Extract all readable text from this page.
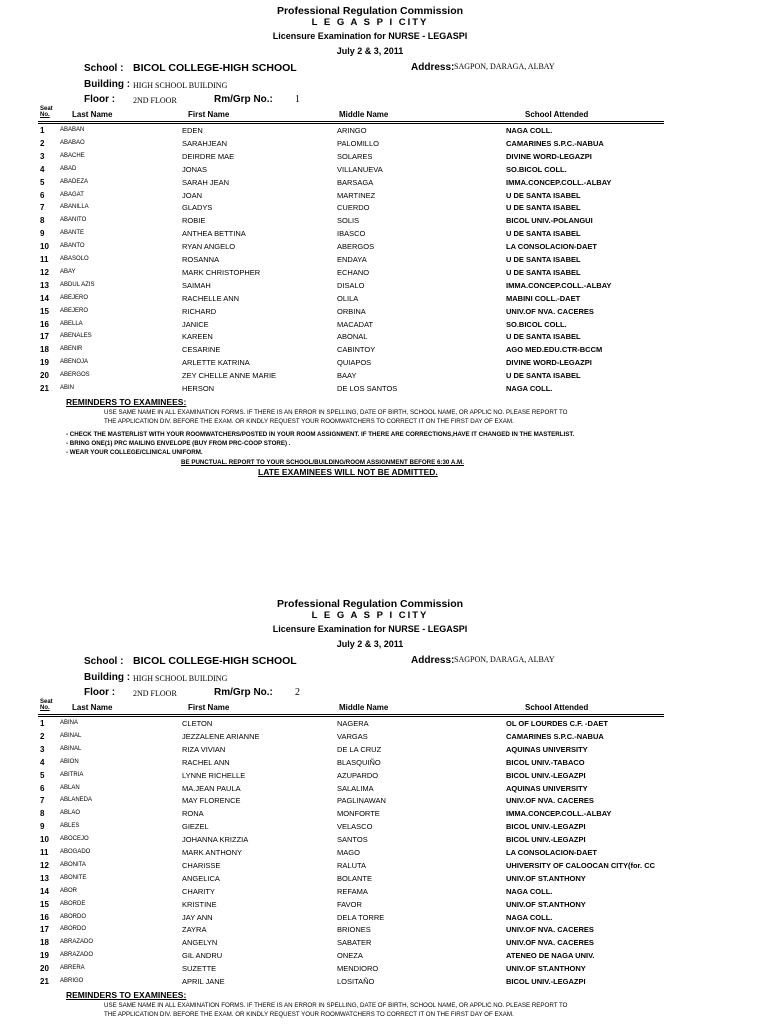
Professional Regulation Commission
L E G A S P I CITY
Licensure Examination for NURSE - LEGASPI
July 2 & 3, 2011
School : BICOL COLLEGE-HIGH SCHOOL	Address: SAGPON, DARAGA, ALBAY
Building : HIGH SCHOOL BUILDING
Floor : 2ND FLOOR	Rm/Grp No.: 1
Seat
No.	Last Name	First Name	Middle Name	School Attended
REMINDERS TO EXAMINEES:
USE SAME NAME IN ALL EXAMINATION FORMS. IF THERE IS AN ERROR IN SPELLING, DATE OF BIRTH, SCHOOL NAME, OR APPLIC NO. PLEASE REPORT TO
THE APPLICATION DIV. BEFORE THE EXAM. OR KINDLY REQUEST YOUR ROOMWATCHERS TO CORRECT IT ON THE FIRST DAY OF EXAM.
- CHECK THE MASTERLIST WITH YOUR ROOMWATCHERS/POSTED IN YOUR ROOM ASSIGNMENT. IF THERE ARE CORRECTIONS,HAVE IT CHANGED IN THE MASTERLIST.
- BRING ONE(1) PRC MAILING ENVELOPE (BUY FROM PRC-COOP STORE) .
- WEAR YOUR COLLEGE/CLINICAL UNIFORM.
BE PUNCTUAL. REPORT TO YOUR SCHOOL/BUILDING/ROOM ASSIGNMENT BEFORE 6:30 A.M.
LATE EXAMINEES WILL NOT BE ADMITTED.
1	ABABAN	EDEN	ARINGO	NAGA COLL.
2	ABABAO	SARAHJEAN	PALOMILLO	CAMARINES S.P.C.-NABUA
3	ABACHE	DEIRDRE MAE	SOLARES	DIVINE WORD-LEGAZPI
4	ABAD	JONAS	VILLANUEVA	SO.BICOL COLL.
5	ABADEZA	SARAH JEAN	BARSAGA	IMMA.CONCEP.COLL.-ALBAY
6	ABAGAT	JOAN	MARTINEZ	U DE SANTA ISABEL
7	ABANILLA	GLADYS	CUERDO	U DE SANTA ISABEL
8	ABANITO	ROBIE	SOLIS	BICOL UNIV.-POLANGUI
9	ABANTE	ANTHEA BETTINA	IBASCO	U DE SANTA ISABEL
10 ABANTO	RYAN ANGELO	ABERGOS	LA CONSOLACION-DAET
11 ABASOLO	ROSANNA	ENDAYA	U DE SANTA ISABEL
12 ABAY	MARK CHRISTOPHER	ECHANO	U DE SANTA ISABEL
13 ABDUL AZIS	SAIMAH	DISALO	IMMA.CONCEP.COLL.-ALBAY
14 ABEJERO	RACHELLE ANN	OLILA	MABINI COLL.-DAET
15 ABEJERO	RICHARD	ORBINA	UNIV.OF NVA. CACERES
16 ABELLA	JANICE	MACADAT	SO.BICOL COLL.
17 ABENALES	KAREEN	ABONAL	U DE SANTA ISABEL
18 ABENIR	CESARINE	CABINTOY	AGO MED.EDU.CTR-BCCM
19 ABENOJA	ARLETTE KATRINA	QUIAPOS	DIVINE WORD-LEGAZPI
20 ABERGOS	ZEY CHELLE ANNE MARIE	BAAY	U DE SANTA ISABEL
21 ABIN	HERSON	DE LOS SANTOS	NAGA COLL.
Professional Regulation Commission
L E G A S P I CITY
Licensure Examination for NURSE - LEGASPI
July 2 & 3, 2011
School : BICOL COLLEGE-HIGH SCHOOL	Address: SAGPON, DARAGA, ALBAY
Building : HIGH SCHOOL BUILDING
Floor : 2ND FLOOR	Rm/Grp No.: 2
Seat
No.	Last Name	First Name	Middle Name	School Attended
REMINDERS TO EXAMINEES:
USE SAME NAME IN ALL EXAMINATION FORMS. IF THERE IS AN ERROR IN SPELLING, DATE OF BIRTH, SCHOOL NAME, OR APPLIC NO. PLEASE REPORT TO
THE APPLICATION DIV. BEFORE THE EXAM. OR KINDLY REQUEST YOUR ROOMWATCHERS TO CORRECT IT ON THE FIRST DAY OF EXAM.
1	ABINA	CLETON	NAGERA	OL OF LOURDES C.F. -DAET
2	ABINAL	JEZZALENE ARIANNE	VARGAS	CAMARINES S.P.C.-NABUA
3	ABINAL	RIZA VIVIAN	DE LA CRUZ	AQUINAS UNIVERSITY
4	ABION	RACHEL ANN	BLASQUIÑO	BICOL UNIV.-TABACO
5	ABITRIA	LYNNE RICHELLE	AZUPARDO	BICOL UNIV.-LEGAZPI
6	ABLAN	MA.JEAN PAULA	SALALIMA	AQUINAS UNIVERSITY
7	ABLANEDA	MAY FLORENCE	PAGLINAWAN	UNIV.OF NVA. CACERES
8	ABLAO	RONA	MONFORTE	IMMA.CONCEP.COLL.-ALBAY
9	ABLES	GIEZEL	VELASCO	BICOL UNIV.-LEGAZPI
10 ABOCEJO	JOHANNA KRIZZIA	SANTOS	BICOL UNIV.-LEGAZPI
11 ABOGADO	MARK ANTHONY	MAGO	LA CONSOLACION-DAET
12 ABONITA	CHARISSE	RALUTA	UHIVERSITY OF CALOOCAN CITY(for. CC
13 ABONITE	ANGELICA	BOLANTE	UNIV.OF ST.ANTHONY
14 ABOR	CHARITY	REFAMA	NAGA COLL.
15 ABORDE	KRISTINE	FAVOR	UNIV.OF ST.ANTHONY
16 ABORDO	JAY ANN	DELA TORRE	NAGA COLL.
17 ABORDO	ZAYRA	BRIONES	UNIV.OF NVA. CACERES
18 ABRAZADO	ANGELYN	SABATER	UNIV.OF NVA. CACERES
19 ABRAZADO	GIL ANDRU	ONEZA	ATENEO DE NAGA UNIV.
20 ABRERA	SUZETTE	MENDIORO	UNIV.OF ST.ANTHONY
21 ABRIGO	APRIL JANE	LOSITAÑO	BICOL UNIV.-LEGAZPI
